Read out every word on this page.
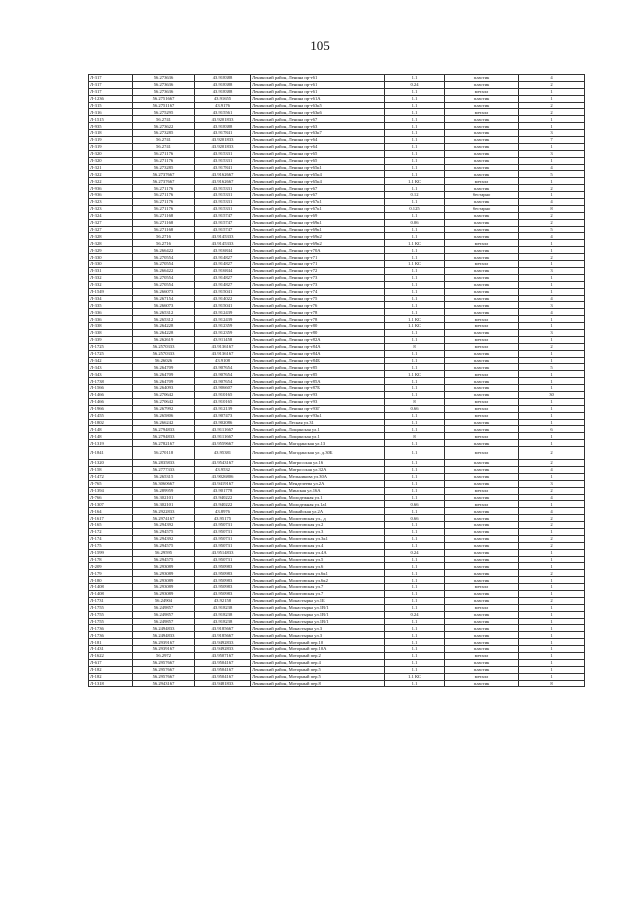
105
Л-317	56.273636	43.918388	Ленинский район, Ленина пр-т61	1.1	пластик	4
Л-317	56.273636	43.918388	Ленинский район, Ленина пр-т61	0.24	пластик	2
Л-317	56.273636	43.918388	Ленинский район, Ленина пр-т61	1.1	металл	1
Л-1236	56.2751667	43.91655	Ленинский район, Ленина пр-т61А	1.1	пластик	1
Л-315	56.2751167	43.9176	Ленинский район, Ленина пр-т63к5	1.1	пластик	2
Л-316	56.275295	43.915561	Ленинский район, Ленина пр-т63к6	1.1	металл	2
Л-1515	56.2741	43.9201833	Ленинский район, Ленина пр-т67	1.1	пластик	1
Л-935	56.273622	43.918388	Ленинский район, Ленина пр-т63	1.1	пластик	1
Л-318	56.273285	43.917841	Ленинский район, Ленина пр-т63к7	1.1	пластик	3
Л-319	56.2741	43.9201833	Ленинский район, Ленина пр-т64	1.1	пластик	7
Л-319	56.2741	43.9201833	Ленинский район, Ленина пр-т64	1.1	пластик	1
Л-320	56.271176	43.915331	Ленинский район, Ленина пр-т65	1.1	пластик	3
Л-320	56.271176	43.915331	Ленинский район, Ленина пр-т65	1.1	пластик	1
Л-321	56.273285	43.917841	Ленинский район, Ленина пр-т65к1	1.1	пластик	4
Л-322	56.2737667	43.9162667	Ленинский район, Ленина пр-т65к4	1.1	пластик	5
Л-322	56.2737667	43.9162667	Ленинский район, Ленина пр-т65к4	1.1 КС	металл	1
Л-936	56.271176	43.915331	Ленинский район, Ленина пр-т67	1.1	пластик	2
Л-936	56.271176	43.915331	Ленинский район, Ленина пр-т67	0.12	бестарно	1
Л-323	56.271176	43.915331	Ленинский район, Ленина пр-т67к1	1.1	пластик	4
Л-323	56.271176	43.915331	Ленинский район, Ленина пр-т67к1	0.125	бестарно	8
Л-324	56.271168	43.915747	Ленинский район, Ленина пр-т69	1.1	пластик	2
Л-327	56.271168	43.915747	Ленинский район, Ленина пр-т69к1	0.06	пластик	2
Л-327	56.271168	43.915747	Ленинский район, Ленина пр-т69к1	1.1	пластик	5
Л-328	56.2716	43.9145333	Ленинский район, Ленина пр-т69к2	1.1	пластик	4
Л-328	56.2716	43.9145333	Ленинский район, Ленина пр-т69к2	1.1 КС	металл	1
Л-329	56.266422	43.916844	Ленинский район, Ленина пр-т70А	1.1	пластик	1
Л-330	56.270554	43.914827	Ленинский район, Ленина пр-т71	1.1	пластик	2
Л-330	56.270554	43.914827	Ленинский район, Ленина пр-т71	1.1 КС	металл	1
Л-331	56.266422	43.916844	Ленинский район, Ленина пр-т72	1.1	пластик	3
Л-332	56.270554	43.914827	Ленинский район, Ленина пр-т73	1.1	пластик	1
Л-332	56.270554	43.914827	Ленинский район, Ленина пр-т73	1.1	пластик	1
Л-1549	56.266073	43.915041	Ленинский район, Ленина пр-т74	1.1	пластик	1
Л-334	56.267154	43.914022	Ленинский район, Ленина пр-т75	1.1	пластик	4
Л-335	56.266073	43.915041	Ленинский район, Ленина пр-т76	1.1	пластик	3
Л-336	56.265312	43.912439	Ленинский район, Ленина пр-т78	1.1	пластик	4
Л-336	56.265312	43.912439	Ленинский район, Ленина пр-т78	1.1 КС	металл	1
Л-338	56.264228	43.912359	Ленинский район, Ленина пр-т80	1.1 КС	металл	1
Л-338	56.264228	43.912359	Ленинский район, Ленина пр-т80	1.1	пластик	3
Л-339	56.262619	43.911458	Ленинский район, Ленина пр-т82А	1.1	металл	1
Л-1725	56.2570333	43.9136167	Ленинский район, Ленина пр-т84А	8	металл	2
Л-1725	56.2570333	43.9136167	Ленинский район, Ленина пр-т84А	1.1	пластик	1
Л-342	56.26026	43.9108	Ленинский район, Ленина пр-т84Б	1.1	пластик	1
Л-343	56.264709	43.907654	Ленинский район, Ленина пр-т85	1.1	пластик	5
Л-343	56.264709	43.907654	Ленинский район, Ленина пр-т85	1.1 КС	металл	1
Л-1738	56.264709	43.907654	Ленинский район, Ленина пр-т85А	1.1	пластик	1
Л-1566	56.264093	43.906607	Ленинский район, Ленина пр-т87Б	1.1	пластик	1
Л-1466	56.270642	43.910165	Ленинский район, Ленина пр-т93	1.1	пластик	30
Л-1466	56.270642	43.910165	Ленинский район, Ленина пр-т93	8	металл	1
Л-1966	56.267992	43.912139	Ленинский район, Ленина пр-т93Г	0.66	металл	1
Л-1455	56.265806	43.907473	Ленинский район, Ленина пр-т93к1	1.1	металл	1
Л-1802	56.266242	43.902086	Ленинский район, Лесная ул.31	1.1	пластик	1
Л-148	56.2794833	43.9111667	Ленинский район, Лощинская ул.1	1.1	пластик	6
Л-148	56.2794833	43.9111667	Ленинский район, Лощинская ул.1	8	металл	1
Л-1319	56.2782167	43.9559667	Ленинский район, Магаданская ул.13	1.1	пластик	1
Л-1841	56.270118	43.95381	Ленинский район, Магаданская ул. д.30Б	1.1	металл	2
Л-1320	56.2835833	43.9543167	Ленинский район, Матросская ул.16	1.1	пластик	2
Л-158	56.2777333	43.9532	Ленинский район, Матросская ул.32А	1.1	пластик	4
Л-1472	56.265315	43.9026806	Ленинский район, Мельникова ул.30А	1.1	пластик	1
Л-765	56.3060667	43.9419167	Ленинский район, Менделеева ул.2А	1.1	пластик	3
Л-1394	56.289959	43.901778	Ленинский район, Минская ул.16А	1.1	металл	2
Л-766	56.302101	43.940222	Ленинский район, Молодежная ул.1	1.1	пластик	4
Л-1307	56.302101	43.940222	Ленинский район, Молодежная ул.1а1	0.66	металл	1
Л-164	56.2922833	43.8976	Ленинский район, Можайская ул.2А	1.1	пластик	4
Л-1617	56.2974167	43.95175	Ленинский район, Молитовская ул., д	0.66	пластик	2
Л-165	56.294392	43.950731	Ленинский район, Молитовская ул.2	1.1	пластик	2
Л-172	56.294575	43.950731	Ленинский район, Молитовская ул.3	1.1	пластик	1
Л-174	56.294392	43.950731	Ленинский район, Молитовская ул.3к1	1.1	пластик	2
Л-175	56.294575	43.950731	Ленинский район, Молитовская ул.4	1.1	пластик	2
Л-1599	56.29595	43.9514833	Ленинский район, Молитовская ул.4А	0.24	пластик	1
Л-178	56.294575	43.950731	Ленинский район, Молитовская ул.5	1.1	пластик	1
Л-209	56.293089	43.950983	Ленинский район, Молитовская ул.6	1.1	пластик	1
Л-179	56.293089	43.950983	Ленинский район, Молитовская ул.6к1	1.1	пластик	2
Л-180	56.293089	43.950983	Ленинский район, Молитовская ул.6к2	1.1	пластик	1
Л-1408	56.293089	43.950983	Ленинский район, Молитовская ул.7	1.1	металл	1
Л-1408	56.293089	43.950983	Ленинский район, Молитовская ул.7	1.1	пластик	1
Л-1731	56.24904	43.92158	Ленинский район, Монастырка ул.1Б	1.1	пластик	2
Л-1755	56.249857	43.918238	Ленинский район, Монастырка ул.1В/1	1.1	металл	1
Л-1755	56.249857	43.918238	Ленинский район, Монастырка ул.1В/1	0.24	пластик	1
Л-1755	56.249857	43.918238	Ленинский район, Монастырка ул.1В/1	1.1	пластик	1
Л-1736	56.2494833	43.9185667	Ленинский район, Монастырка ул.3	1.1	пластик	1
Л-1736	56.2494833	43.9185667	Ленинский район, Монастырка ул.3	1.1	пластик	1
Л-181	56.2939167	43.9492833	Ленинский район, Моторный пер.10	1.1	пластик	1
Л-1431	56.2939167	43.9492833	Ленинский район, Моторный пер.10А	1.1	пластик	1
Л-1622	56.2972	43.9507167	Ленинский район, Моторный пер.2	1.1	металл	1
Л-617	56.2957667	43.9504167	Ленинский район, Моторный пер.4	1.1	пластик	1
Л-182	56.2957667	43.9504167	Ленинский район, Моторный пер.5	1.1	пластик	1
Л-182	56.2957667	43.9504167	Ленинский район, Моторный пер.5	1.1 КС	металл	1
Л-1318	56.2943167	43.9481833	Ленинский район, Моторный пер.8	1.1	пластик	8
